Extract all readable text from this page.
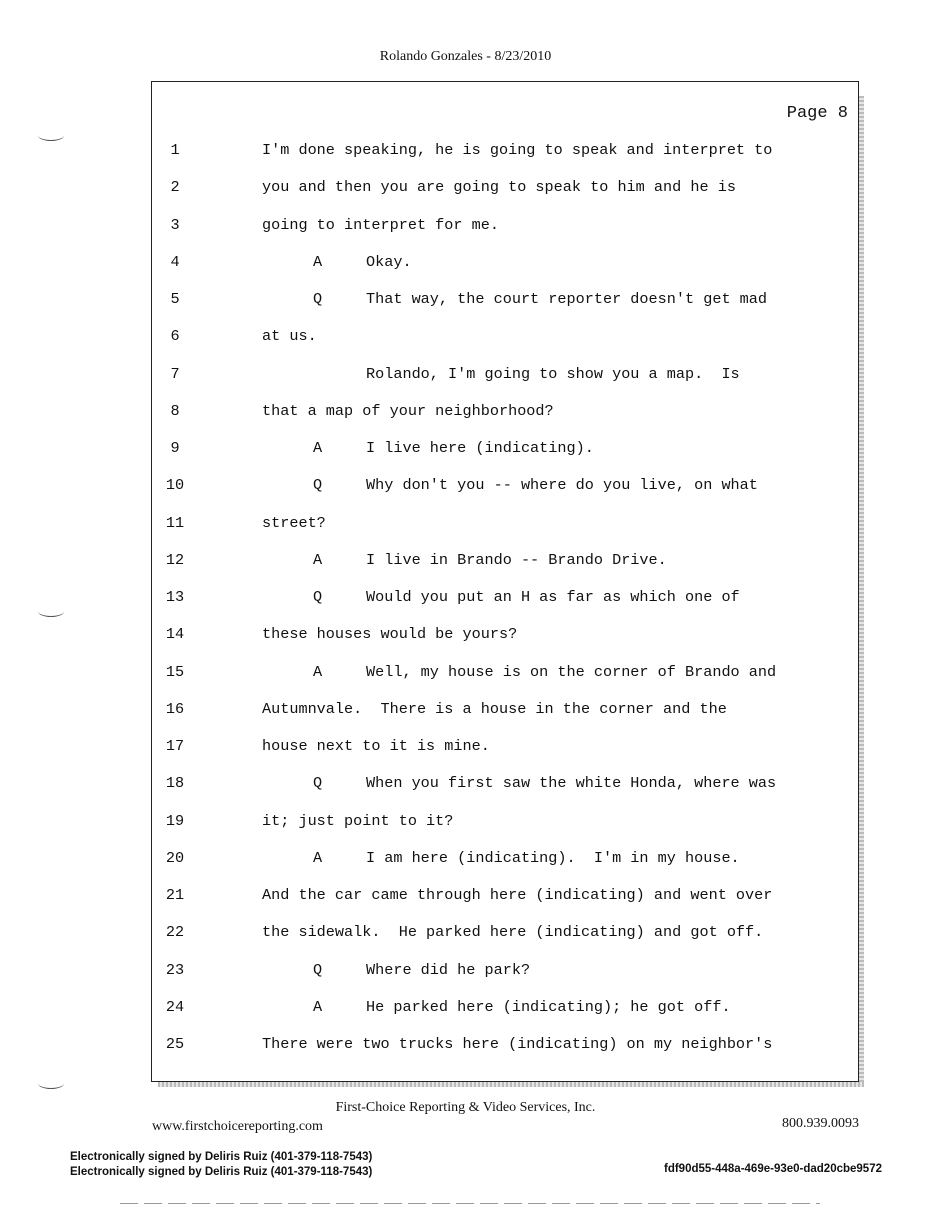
Rolando Gonzales - 8/23/2010
Page 8
1	I'm done speaking, he is going to speak and interpret to
2	you and then you are going to speak to him and he is
3	going to interpret for me.
4	A	Okay.
5	Q	That way, the court reporter doesn't get mad
6	at us.
7	Rolando, I'm going to show you a map.  Is
8	that a map of your neighborhood?
9	A	I live here (indicating).
10	Q	Why don't you -- where do you live, on what
11	street?
12	A	I live in Brando -- Brando Drive.
13	Q	Would you put an H as far as which one of
14	these houses would be yours?
15	A	Well, my house is on the corner of Brando and
16	Autumnvale.  There is a house in the corner and the
17	house next to it is mine.
18	Q	When you first saw the white Honda, where was
19	it; just point to it?
20	A	I am here (indicating).  I'm in my house.
21	And the car came through here (indicating) and went over
22	the sidewalk.  He parked here (indicating) and got off.
23	Q	Where did he park?
24	A	He parked here (indicating); he got off.
25	There were two trucks here (indicating) on my neighbor's
First-Choice Reporting & Video Services, Inc.
www.firstchoicereporting.com	800.939.0093
Electronically signed by Deliris Ruiz (401-379-118-7543)
Electronically signed by Deliris Ruiz (401-379-118-7543)	fdf90d55-448a-469e-93e0-dad20cbe9572
